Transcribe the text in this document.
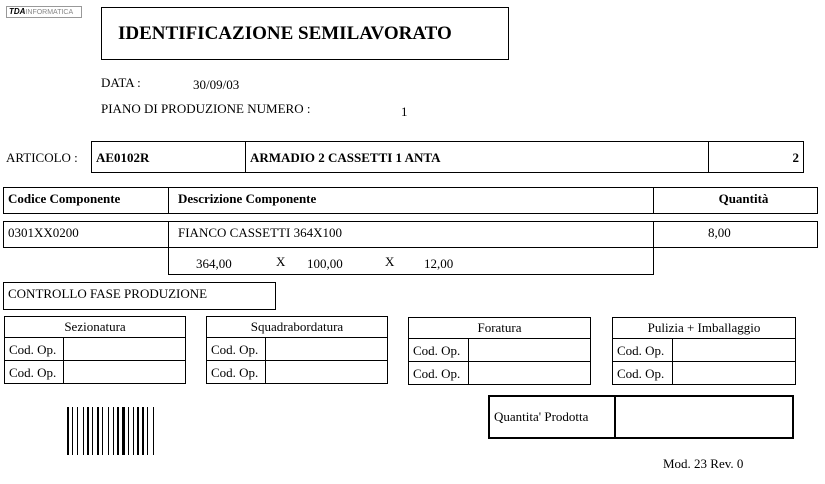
TDAINFORMATICA
IDENTIFICAZIONE SEMILAVORATO
DATA :	30/09/03
PIANO DI PRODUZIONE NUMERO :	1
ARTICOLO :	AE0102R	ARMADIO 2 CASSETTI 1 ANTA	2
Codice Componente	Descrizione Componente	Quantità
0301XX0200	FIANCO CASSETTI 364X100	8,00
364,00	X 100,00	X 12,00
CONTROLLO FASE PRODUZIONE
Sezionatura
Cod. Op.
Cod. Op.
Squadrabordatura
Cod. Op.
Cod. Op.
Foratura
Cod. Op.
Cod. Op.
Pulizia + Imballaggio
Cod. Op.
Cod. Op.
Quantita' Prodotta
Mod. 23 Rev. 0
